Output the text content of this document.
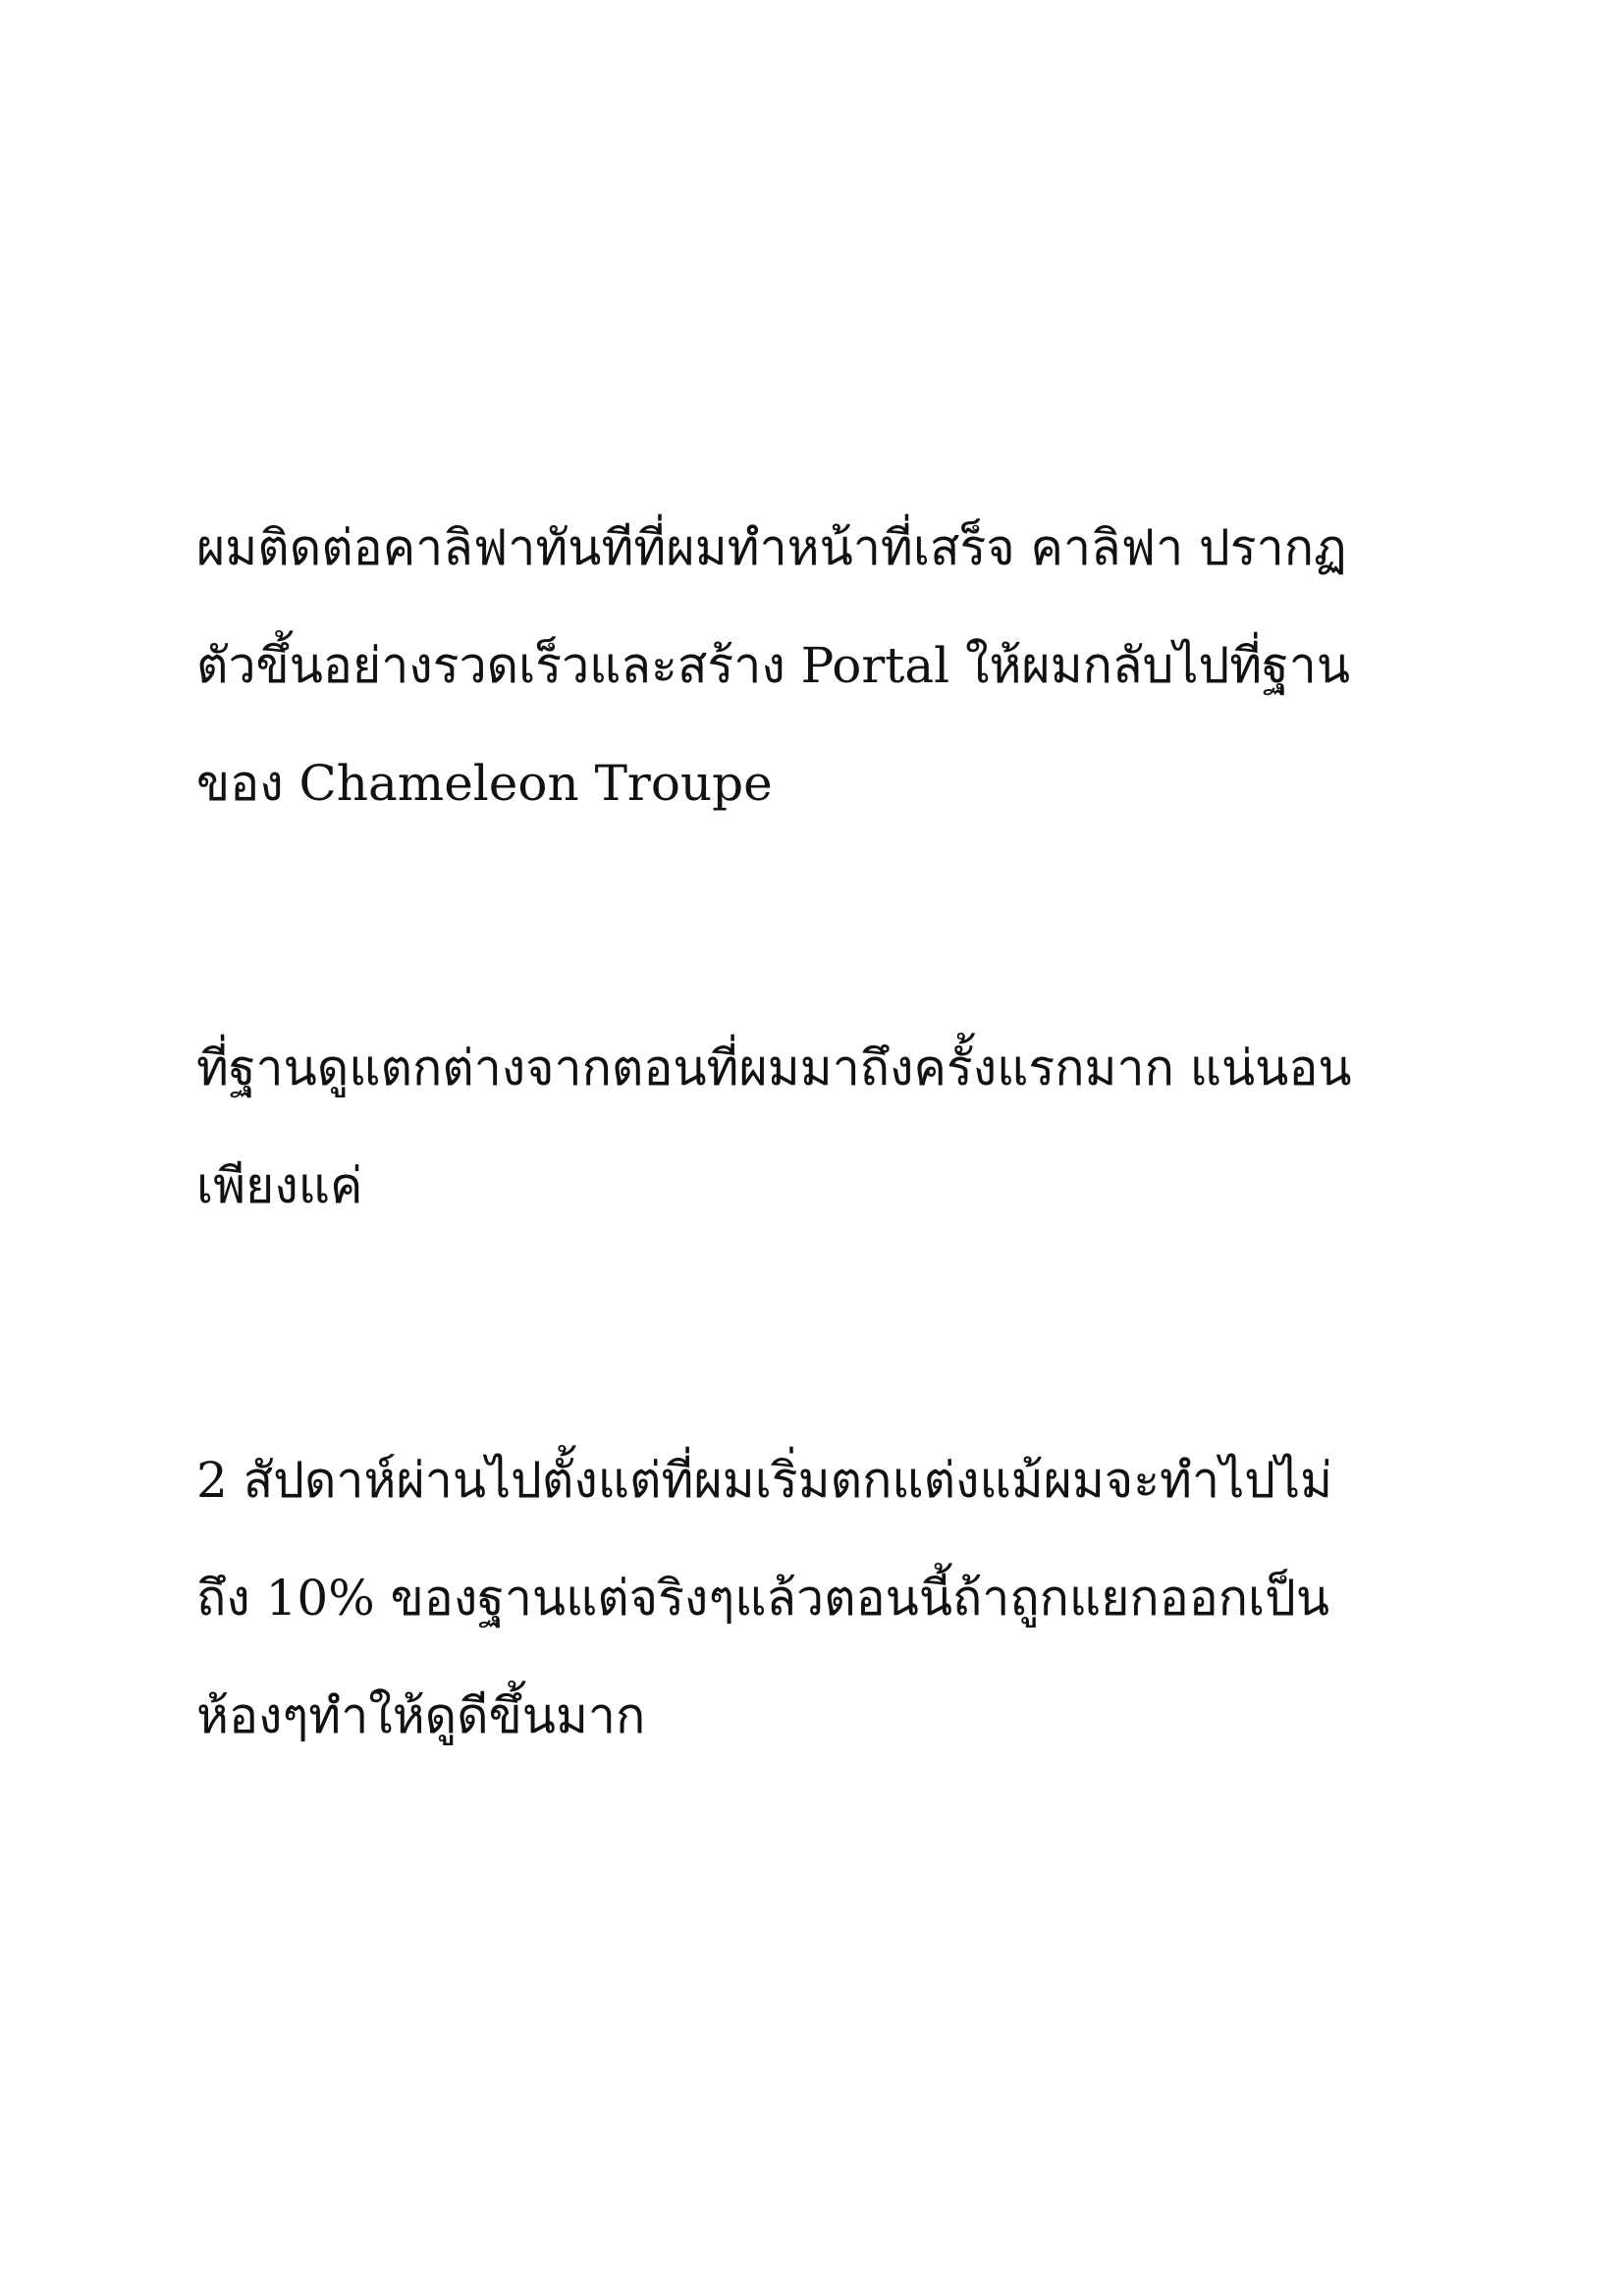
ผมติดต่อคาลิฟาทันทีที่ผมทำหน้าที่เสร็จ คาลิฟา ปรากฏ
ตัวขึ้นอย่างรวดเร็วและสร้าง Portal ให้ผมกลับไปที่ฐาน
ของ Chameleon Troupe

ที่ฐานดูแตกต่างจากตอนที่ผมมาถึงครั้งแรกมาก แน่นอน
เพียงแค่

2 สัปดาห์ผ่านไปตั้งแต่ที่ผมเริ่มตกแต่งแม้ผมจะทำไปไม่
ถึง 10% ของฐานแต่จริงๆแล้วตอนนี้ถ้าถูกแยกออกเป็น
ห้องๆทำให้ดูดีขึ้นมาก
